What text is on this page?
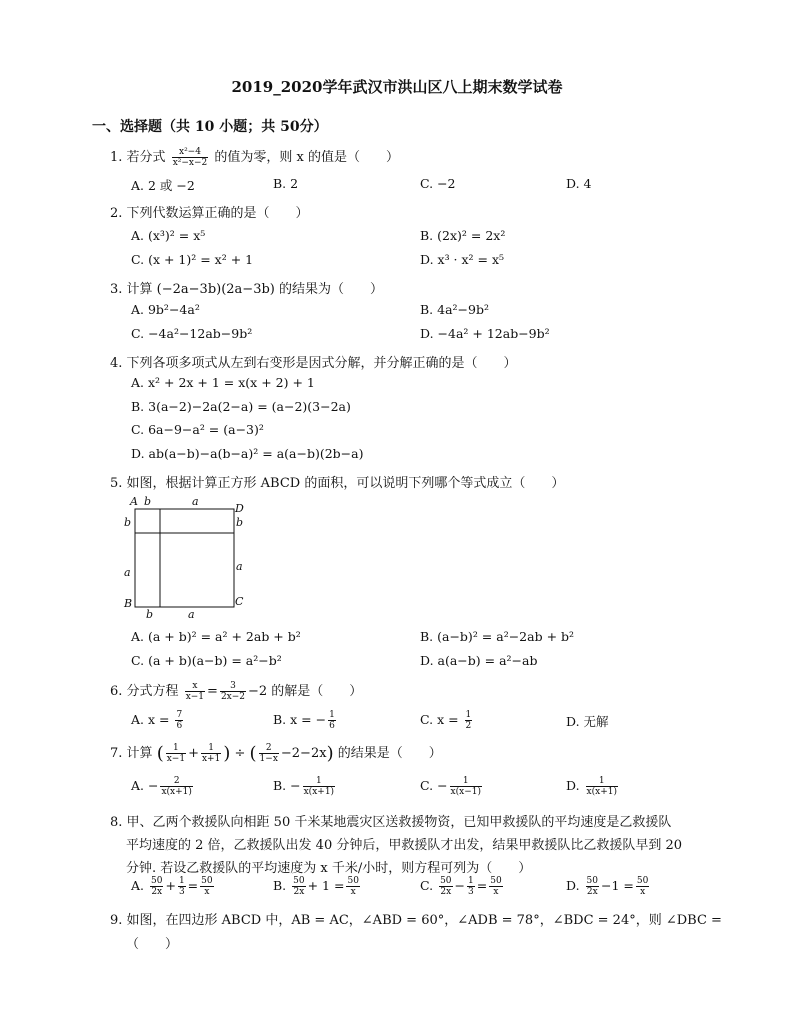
2019_2020学年武汉市洪山区八上期末数学试卷
一、选择题（共 10 小题；共 50分）
1. 若分式 $\frac{\text{x²−4}}{\text{x²−x−2}}$ 的值为零，则 x 的值是（　　）
A. 2 或 −2	B. 2	C. −2	D. 4
2. 下列代数运算正确的是（　　）
A. (x³)² = x⁵	B. (2x)² = 2x²
C. (x + 1)² = x² + 1	D. x³ · x² = x⁵
3. 计算 (−2a−3b)(2a−3b) 的结果为（　　）
A. 9b²−4a²	B. 4a²−9b²
C. −4a²−12ab−9b²	D. −4a² + 12ab−9b²
4. 下列各项多项式从左到右变形是因式分解，并分解正确的是（　　）
A. x² + 2x + 1 = x(x + 2) + 1
B. 3(a−2)−2a(2−a) = (a−2)(3−2a)
C. 6a−9−a² = (a−3)²
D. ab(a−b)−a(b−a)² = a(a−b)(2b−a)
5. 如图，根据计算正方形 ABCD 的面积，可以说明下列哪个等式成立（　　）
A b	a
D
b
a
b
a
B	C
b	a
A. (a + b)² = a² + 2ab + b²	B. (a−b)² = a²−2ab + b²
C. (a + b)(a−b) = a²−b²	D. a(a−b) = a²−ab
6. 分式方程 $\frac{x}{x-1} = \frac{3}{2x-2} -2$ 的解是（　　）
A. $x = \frac{7}{6}$	B. x = − $\frac{1}{6}$	C. $x = \frac{1}{2}$	D. 无解
7. 计算 ( $\frac{1}{x-1} + \frac{1}{x+1}$ ) ÷ ( $\frac{2}{1-x} -2-2x$) 的结果是（　　）
A. − $\frac{2}{x(x+1)}$	B. − $\frac{1}{x(x+1)}$	C. − $\frac{1}{x(x-1)}$	D. $\frac{1}{x(x+1)}$
8. 甲、乙两个救援队向相距 50 千米某地震灾区送救援物资，已知甲救援队的平均速度是乙救援队
平均速度的 2 倍，乙救援队出发 40 分钟后，甲救援队才出发，结果甲救援队比乙救援队早到 20
分钟. 若设乙救援队的平均速度为 x 千米/小时，则方程可列为（　　）
A. $\frac{50}{2x} + \frac{1}{3} = \frac{50}{x}$	B. $\frac{50}{2x} + 1 = \frac{50}{x}$	C. $\frac{50}{2x} - \frac{1}{3} = \frac{50}{x}$	D. $\frac{50}{2x} -1 = \frac{50}{x}$
9. 如图，在四边形 ABCD 中，AB = AC，∠ABD = 60°，∠ADB = 78°，∠BDC = 24°，则 ∠DBC =
（　　）
